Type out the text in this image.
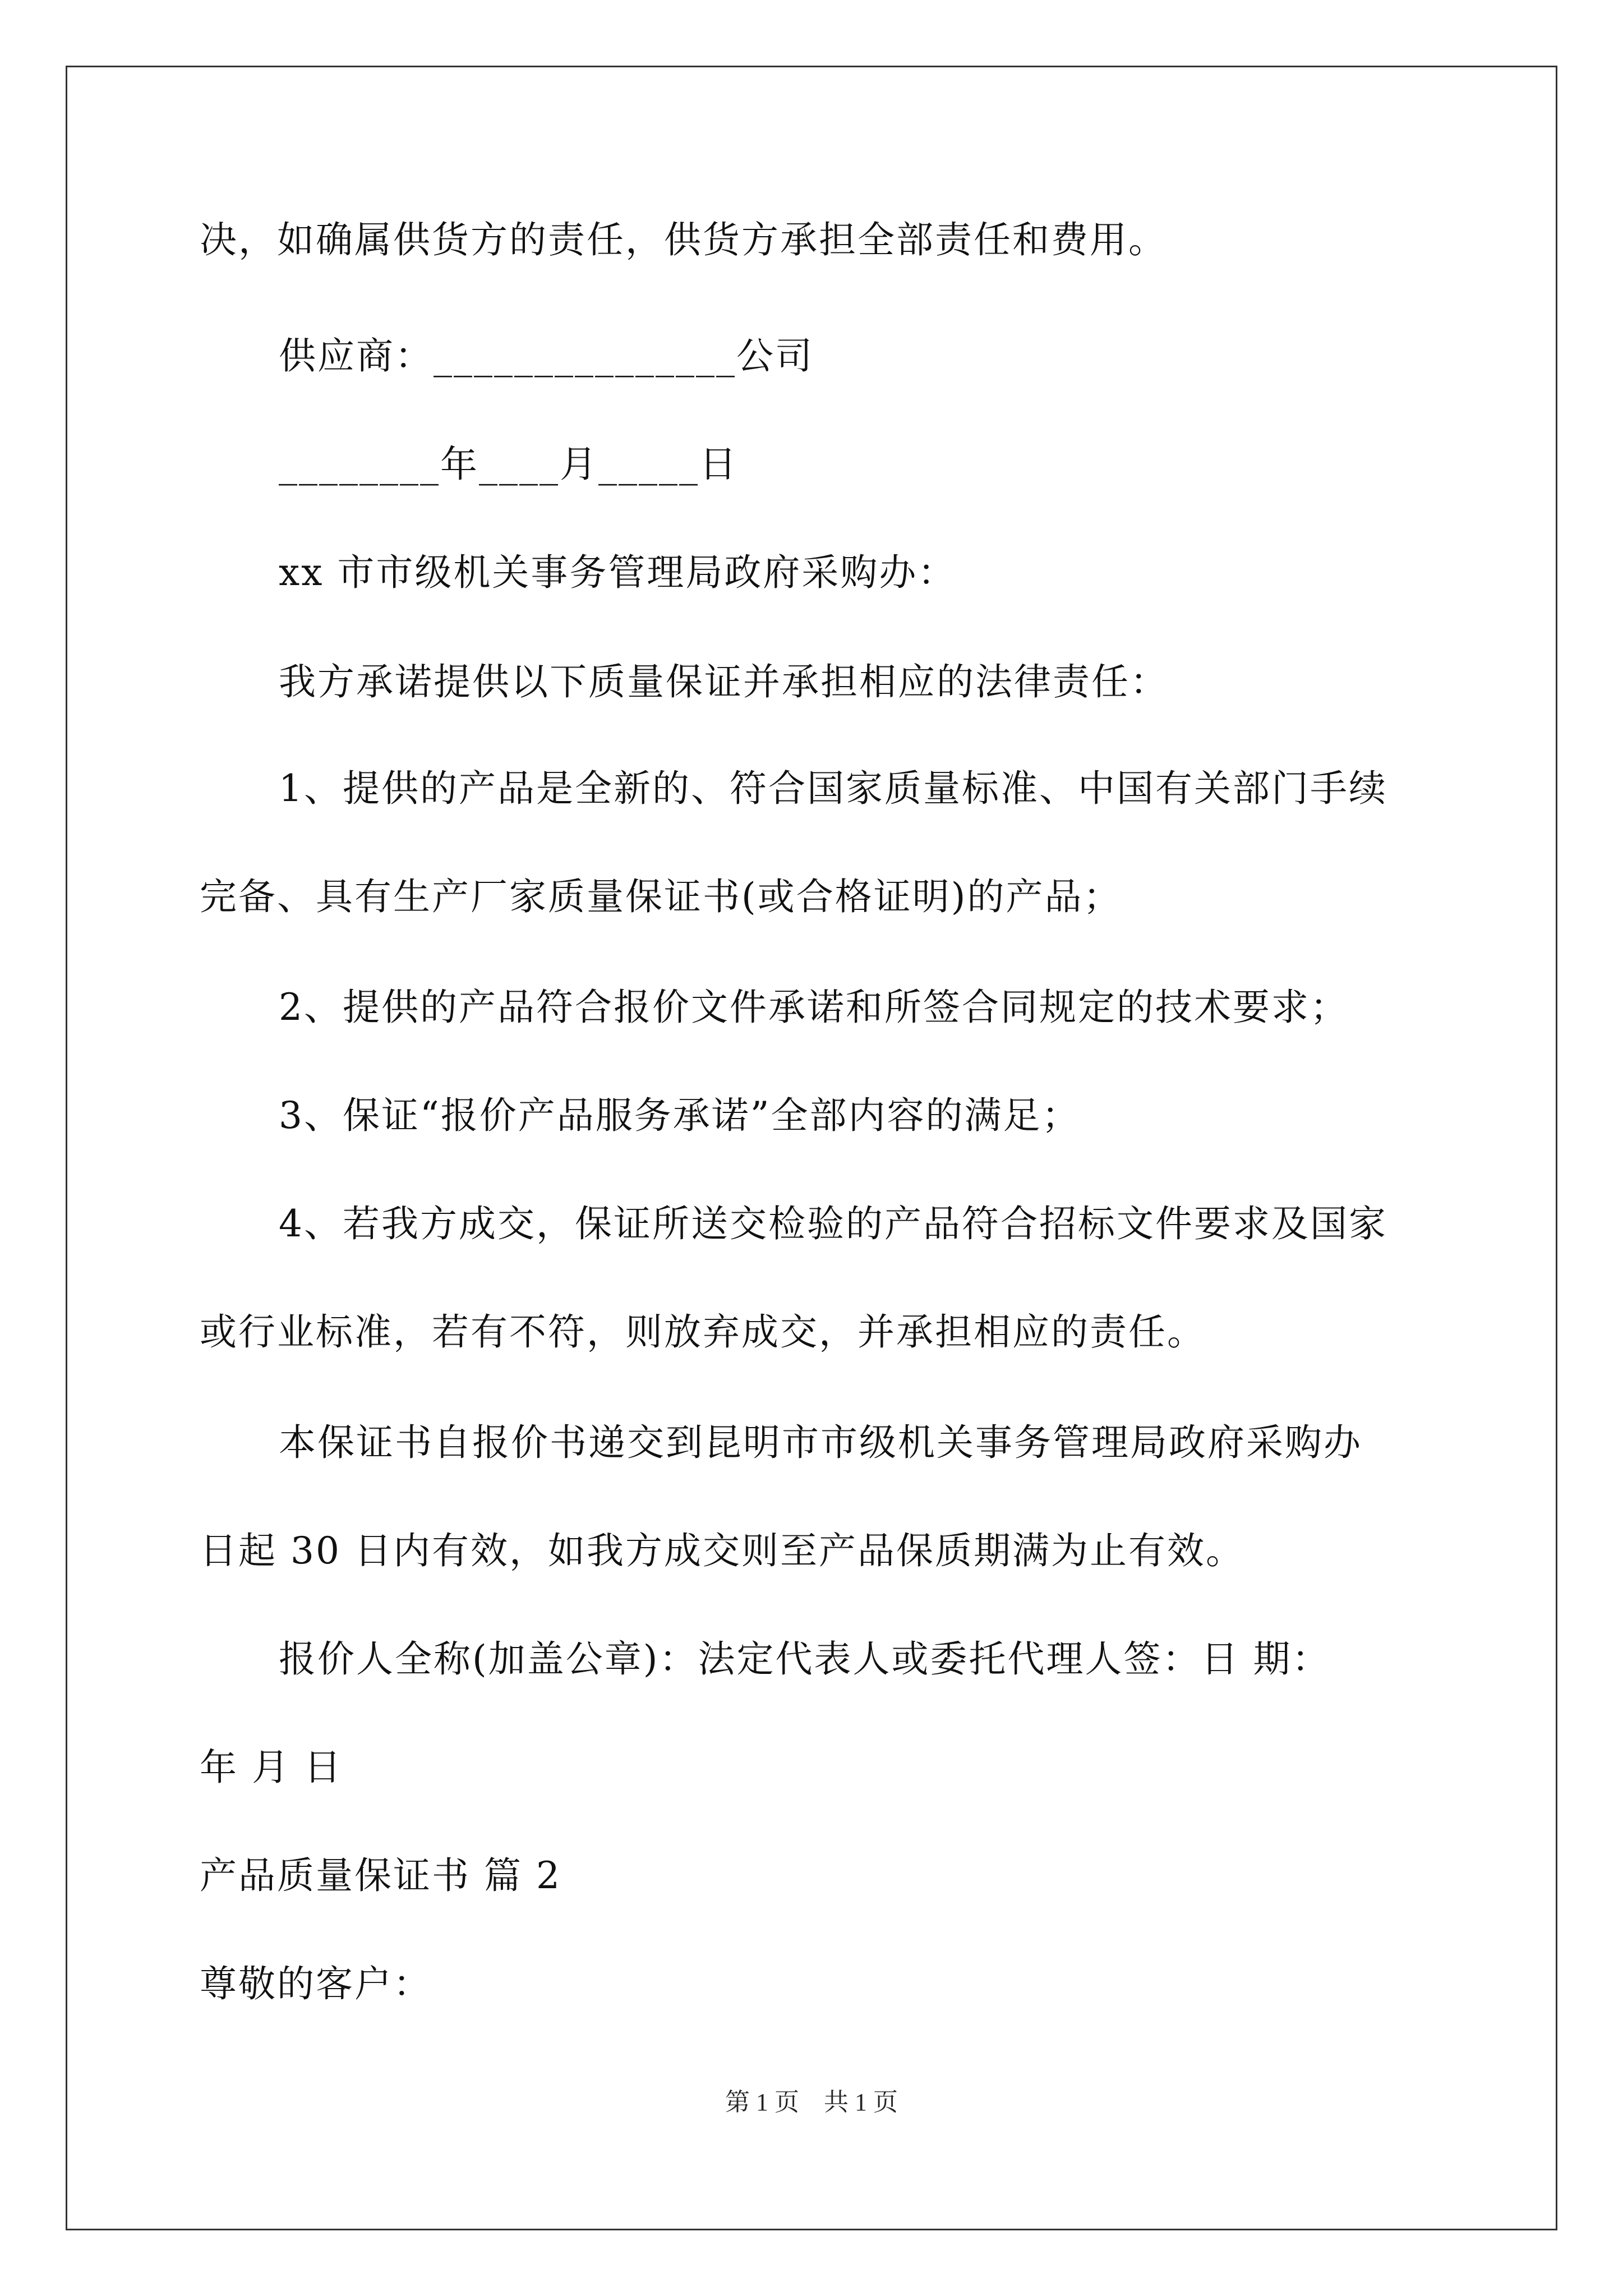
决，如确属供货方的责任，供货方承担全部责任和费用。
供应商：_______________公司
________年____月_____日
xx 市市级机关事务管理局政府采购办：
我方承诺提供以下质量保证并承担相应的法律责任：
1、提供的产品是全新的、符合国家质量标准、中国有关部门手续
完备、具有生产厂家质量保证书(或合格证明)的产品；
2、提供的产品符合报价文件承诺和所签合同规定的技术要求；
3、保证“报价产品服务承诺”全部内容的满足；
4、若我方成交，保证所送交检验的产品符合招标文件要求及国家
或行业标准，若有不符，则放弃成交，并承担相应的责任。
本保证书自报价书递交到昆明市市级机关事务管理局政府采购办
日起 30 日内有效，如我方成交则至产品保质期满为止有效。
报价人全称(加盖公章)：法定代表人或委托代理人签：日 期：
年 月 日
产品质量保证书 篇 2
尊敬的客户：
第 1 页　共 1 页
